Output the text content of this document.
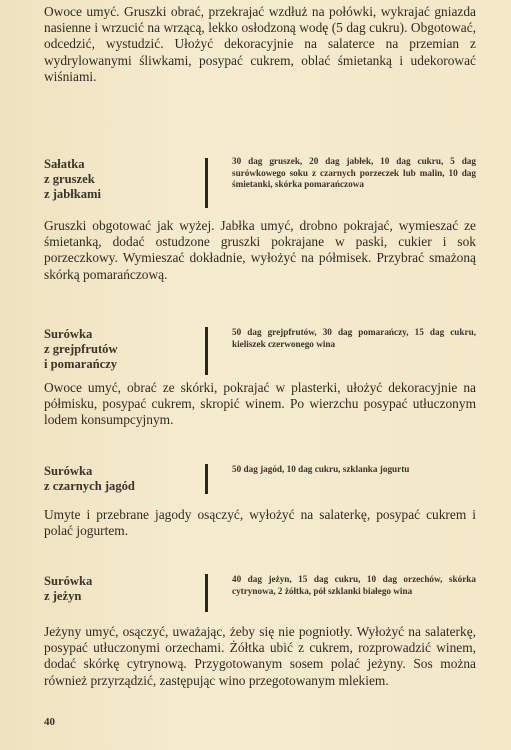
Owoce umyć. Gruszki obrać, przekrajać wzdłuż na połówki, wykrajać gniazda nasienne i wrzucić na wrzącą, lekko osłodzoną wodę (5 dag cukru). Obgotować, odcedzić, wystudzić. Ułożyć dekoracyjnie na salaterce na przemian z wydrylowanymi śliwkami, posypać cukrem, oblać śmietanką i udekorować wiśniami.

Sałatka
z gruszek
z jabłkami

30 dag gruszek, 20 dag jabłek, 10 dag cukru, 5 dag surówkowego soku z czarnych porzeczek lub malin, 10 dag śmietanki, skórka pomarańczowa

Gruszki obgotować jak wyżej. Jabłka umyć, drobno pokrajać, wymieszać ze śmietanką, dodać ostudzone gruszki pokrajane w paski, cukier i sok porzeczkowy. Wymieszać dokładnie, wyłożyć na półmisek. Przybrać smażoną skórką pomarańczową.

Surówka
z grejpfrutów
i pomarańczy

50 dag grejpfrutów, 30 dag pomarańczy, 15 dag cukru, kieliszek czerwonego wina

Owoce umyć, obrać ze skórki, pokrajać w plasterki, ułożyć dekoracyjnie na półmisku, posypać cukrem, skropić winem. Po wierzchu posypać utłuczonym lodem konsumpcyjnym.

Surówka
z czarnych jagód

50 dag jagód, 10 dag cukru, szklanka jogurtu

Umyte i przebrane jagody osączyć, wyłożyć na salaterkę, posypać cukrem i polać jogurtem.

Surówka
z jeżyn

40 dag jeżyn, 15 dag cukru, 10 dag orzechów, skórka cytrynowa, 2 żółtka, pół szklanki białego wina

Jeżyny umyć, osączyć, uważając, żeby się nie pogniotły. Wyłożyć na salaterkę, posypać utłuczonymi orzechami. Żółtka ubić z cukrem, rozprowadzić winem, dodać skórkę cytrynową. Przygotowanym sosem polać jeżyny. Sos można również przyrządzić, zastępując wino przegotowanym mlekiem.

40
